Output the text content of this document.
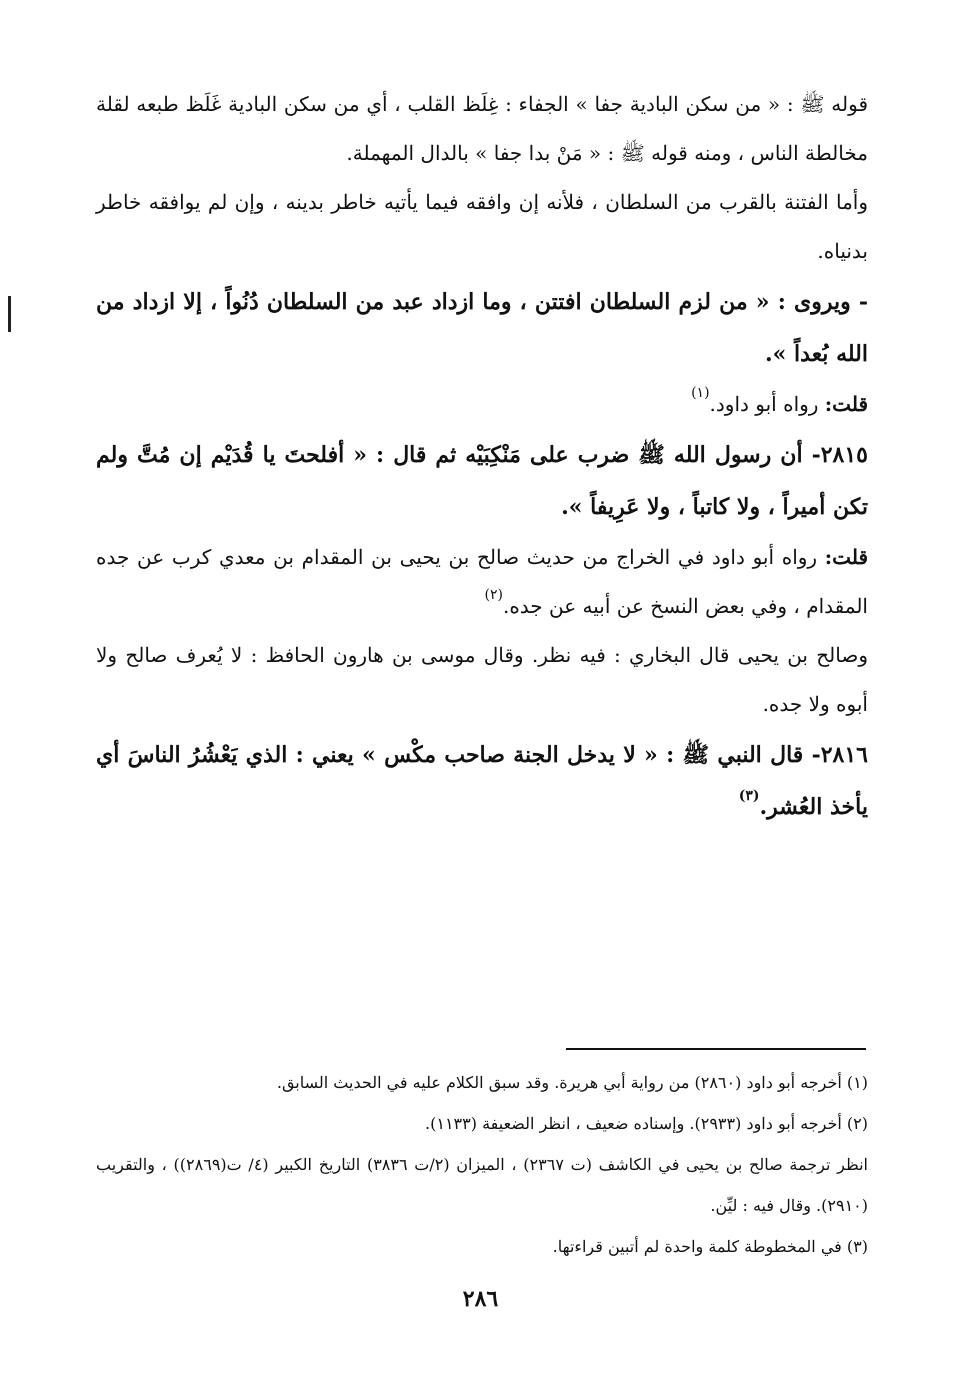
قوله ﷺ : « من سكن البادية جفا » الجفاء : غِلَظ القلب ، أي من سكن البادية غَلَظ طبعه لقلة مخالطة الناس ، ومنه قوله ﷺ : « مَنْ بدا جفا » بالدال المهملة.

وأما الفتنة بالقرب من السلطان ، فلأنه إن وافقه فيما يأتيه خاطر بدينه ، وإن لم يوافقه خاطر بدنياه.

- ويروى : « من لزم السلطان افتتن ، وما ازداد عبد من السلطان دُنُواً ، إلا ازداد من الله بُعداً ».

قلت: رواه أبو داود.$^{(١)}$

٢٨١٥- أن رسول الله ﷺ ضرب على مَنْكِبَيْه ثم قال : « أفلحتَ يا قُدَيْم إن مُتَّ ولم تكن أميراً ، ولا كاتباً ، ولا عَرِيفاً ».

قلت: رواه أبو داود في الخراج من حديث صالح بن يحيى بن المقدام بن معدي كرب عن جده المقدام ، وفي بعض النسخ عن أبيه عن جده.$^{(٢)}$

وصالح بن يحيى قال البخاري : فيه نظر. وقال موسى بن هارون الحافظ : لا يُعرف صالح ولا أبوه ولا جده.

٢٨١٦- قال النبي ﷺ : « لا يدخل الجنة صاحب مكْس » يعني : الذي يَعْشُرُ الناسَ أي يأخذ العُشر.$^{(٣)}$

(١) أخرجه أبو داود (٢٨٦٠) من رواية أبي هريرة. وقد سبق الكلام عليه في الحديث السابق.

(٢) أخرجه أبو داود (٢٩٣٣). وإسناده ضعيف ، انظر الضعيفة (١١٣٣).

انظر ترجمة صالح بن يحيى في الكاشف (ت ٢٣٦٧) ، الميزان (٢/ت ٣٨٣٦) التاريخ الكبير (٤/ ت(٢٨٦٩)) ، والتقريب (٢٩١٠). وقال فيه : ليِّن.

(٣) في المخطوطة كلمة واحدة لم أتبين قراءتها.

٢٨٦
